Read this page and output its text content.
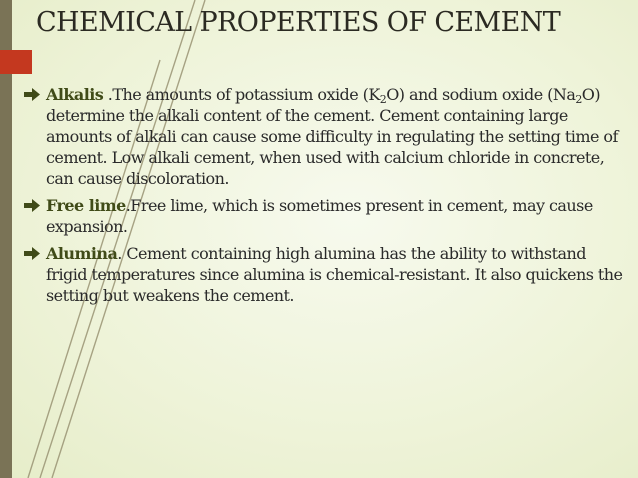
CHEMICAL PROPERTIES OF CEMENT
Alkalis .The amounts of potassium oxide $(K_2O)$ and sodium oxide $(Na_2O)$ determine the alkali content of the cement. Cement containing large amounts of alkali can cause some difficulty in regulating the setting time of cement. Low alkali cement, when used with calcium chloride in concrete, can cause discoloration.
Free lime.Free lime, which is sometimes present in cement, may cause expansion.
Alumina. Cement containing high alumina has the ability to withstand frigid temperatures since alumina is chemical-resistant. It also quickens the setting but weakens the cement.
